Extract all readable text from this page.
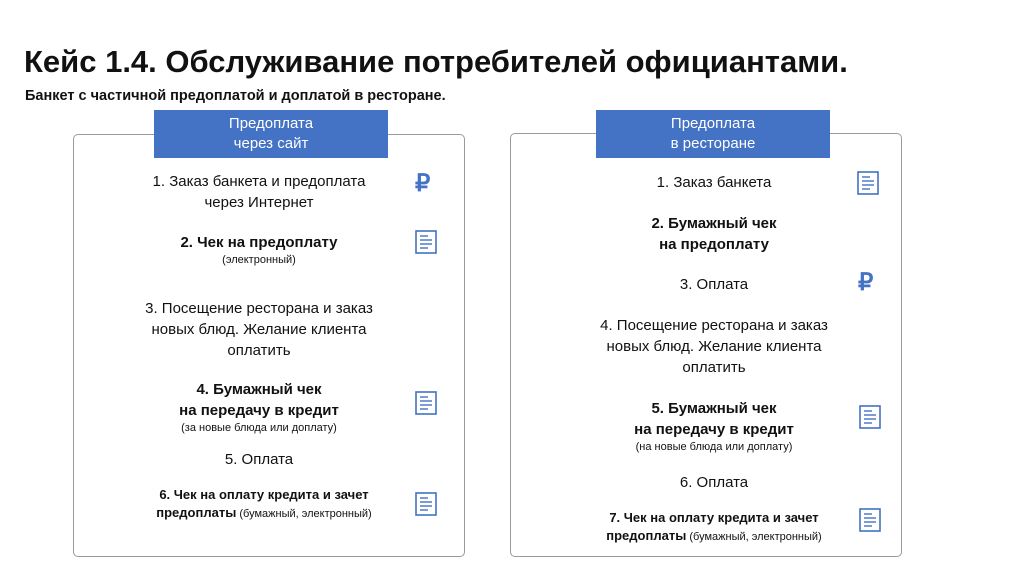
Кейс 1.4. Обслуживание потребителей официантами.

Банкет с частичной предоплатой и доплатой в ресторане.

Предоплата
через сайт
1. Заказ банкета и предоплата
через Интернет
₽
2. Чек на предоплату
(электронный)
3. Посещение ресторана и заказ
новых блюд. Желание клиента
оплатить
4. Бумажный чек
на передачу в кредит
(за новые блюда или доплату)
5. Оплата
6. Чек на оплату кредита и зачет
предоплаты (бумажный, электронный)
Предоплата
в ресторане
1. Заказ банкета
2. Бумажный чек
на предоплату
3. Оплата	₽
4. Посещение ресторана и заказ
новых блюд. Желание клиента
оплатить
5. Бумажный чек
на передачу в кредит
(на новые блюда или доплату)
6. Оплата
7. Чек на оплату кредита и зачет
предоплаты (бумажный, электронный)
